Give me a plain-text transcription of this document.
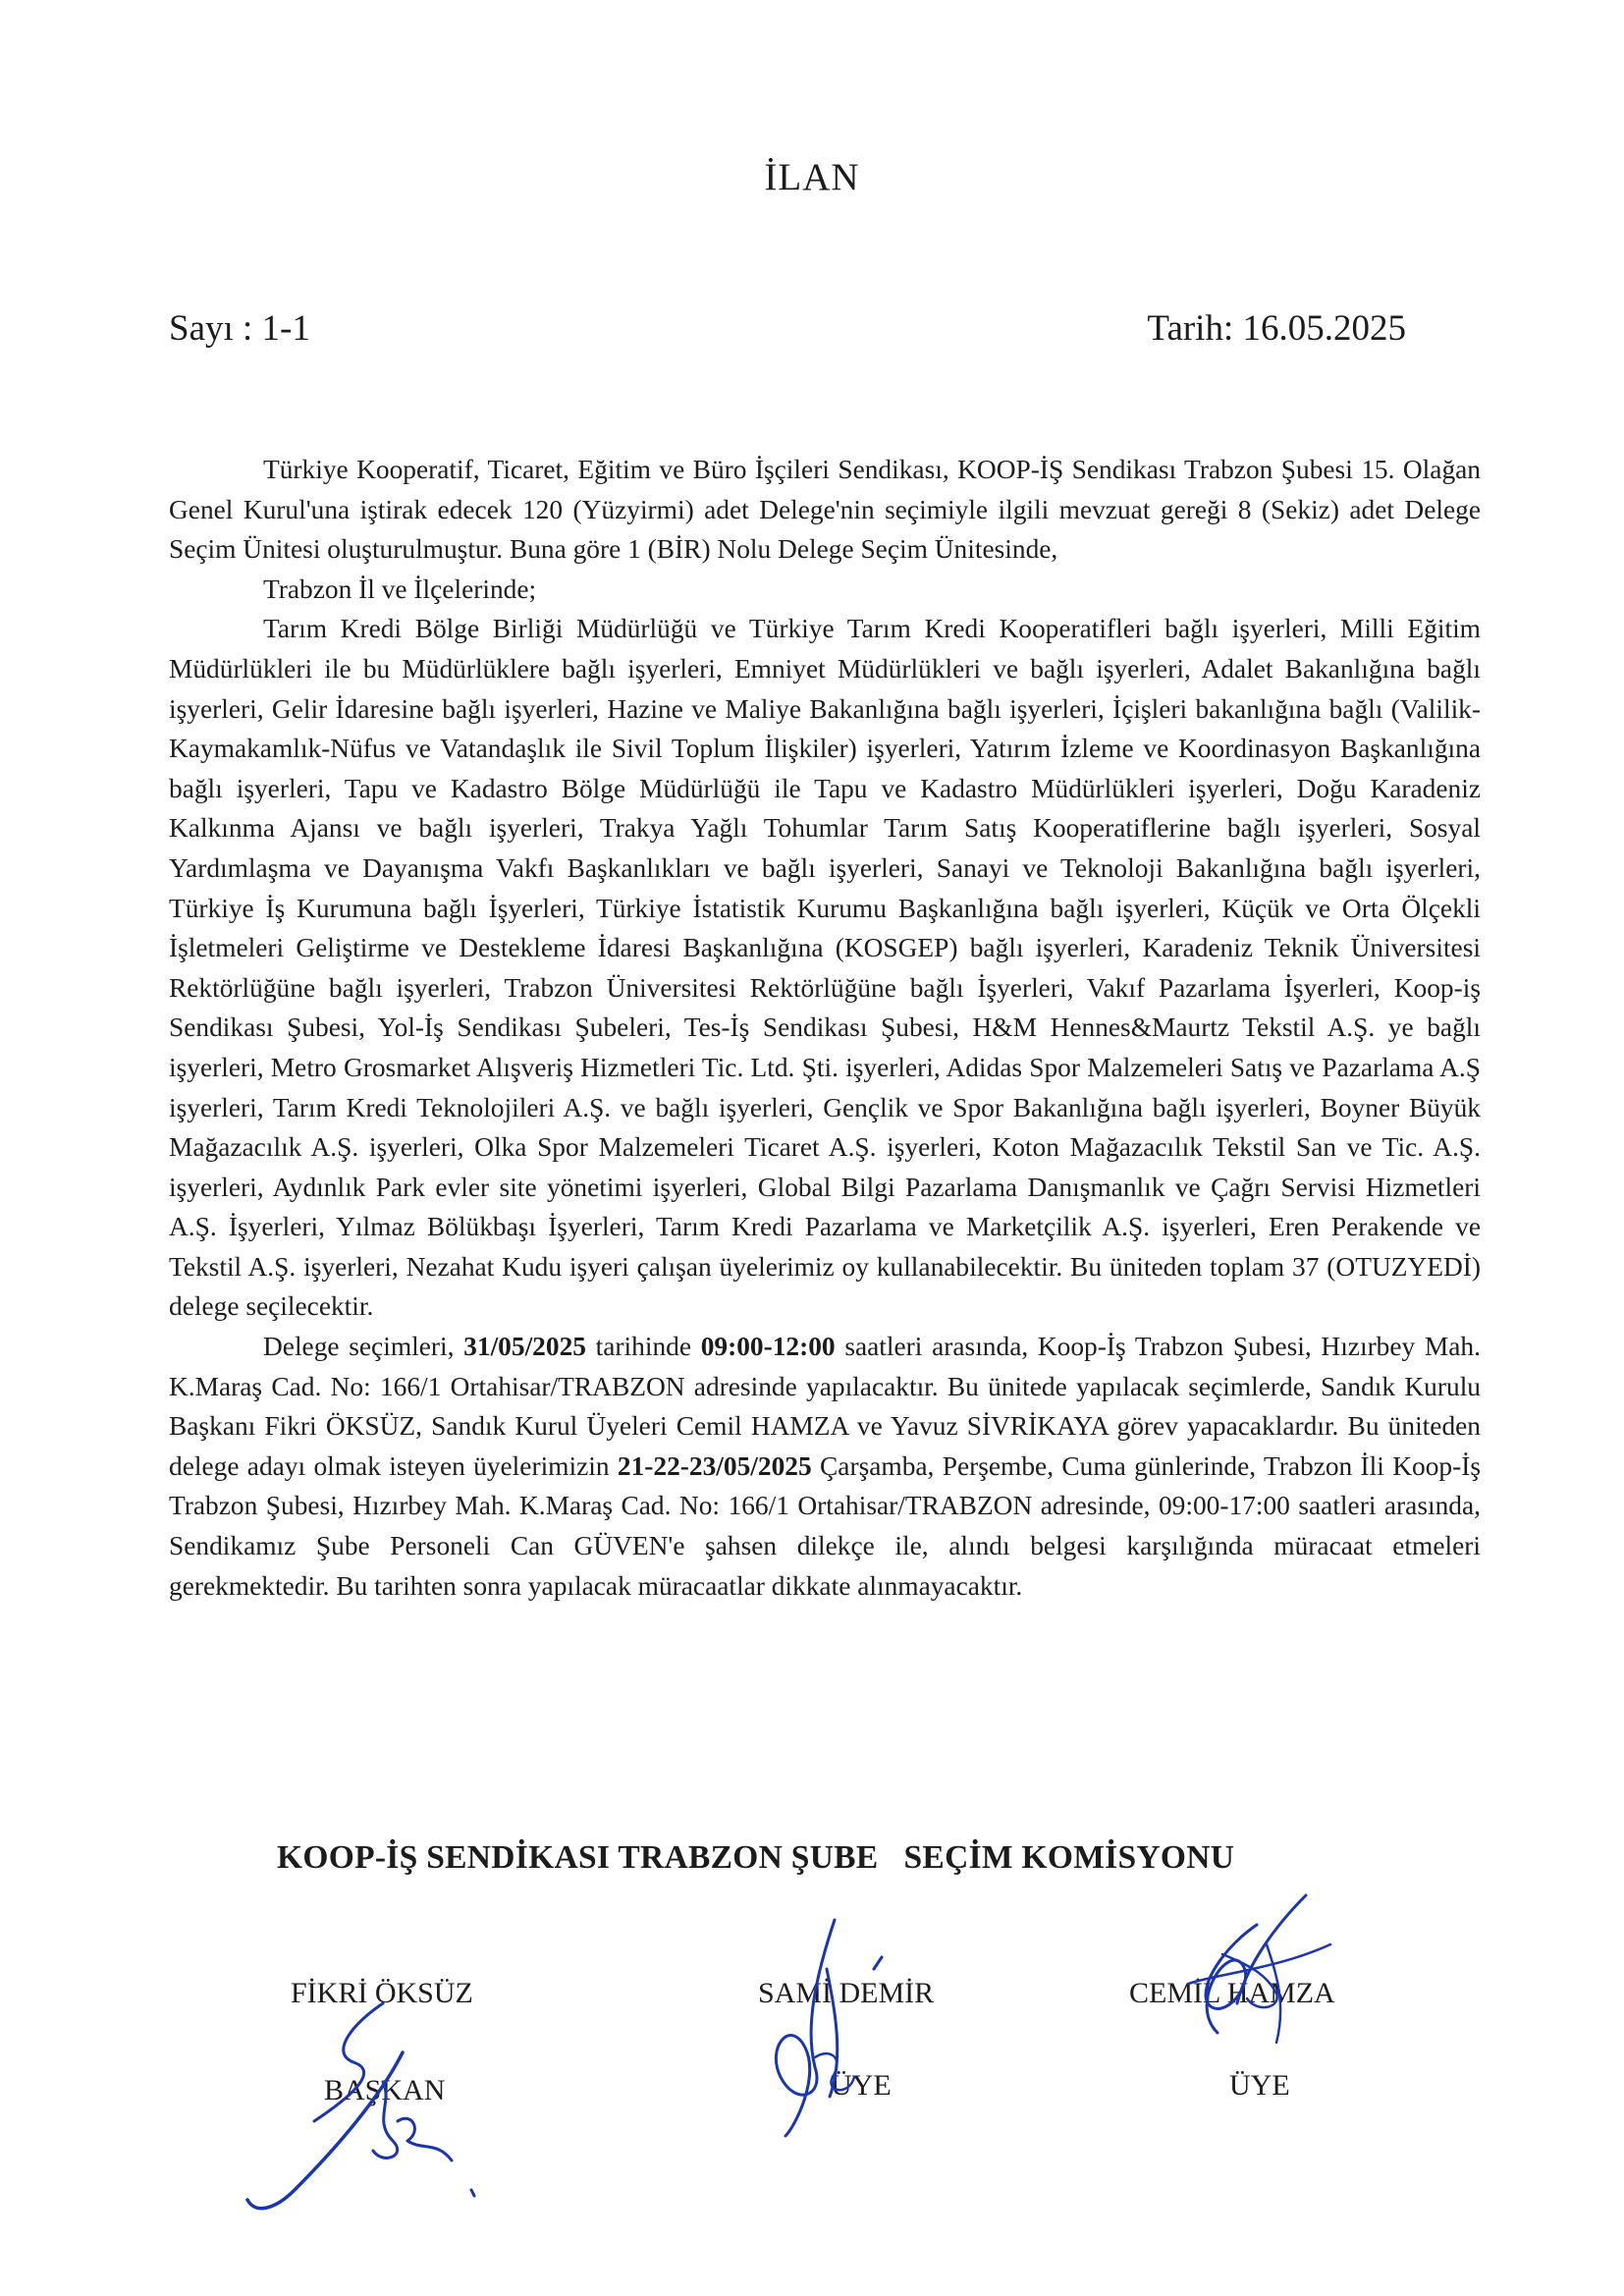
İLAN
Sayı : 1-1	Tarih: 16.05.2025

Türkiye Kooperatif, Ticaret, Eğitim ve Büro İşçileri Sendikası, KOOP-İŞ Sendikası Trabzon Şubesi 15. Olağan Genel Kurul'una iştirak edecek 120 (Yüzyirmi) adet Delege'nin seçimiyle ilgili mevzuat gereği 8 (Sekiz) adet Delege Seçim Ünitesi oluşturulmuştur. Buna göre 1 (BİR) Nolu Delege Seçim Ünitesinde,

Trabzon İl ve İlçelerinde;

Tarım Kredi Bölge Birliği Müdürlüğü ve Türkiye Tarım Kredi Kooperatifleri bağlı işyerleri, Milli Eğitim Müdürlükleri ile bu Müdürlüklere bağlı işyerleri, Emniyet Müdürlükleri ve bağlı işyerleri, Adalet Bakanlığına bağlı işyerleri, Gelir İdaresine bağlı işyerleri, Hazine ve Maliye Bakanlığına bağlı işyerleri, İçişleri bakanlığına bağlı (Valilik-Kaymakamlık-Nüfus ve Vatandaşlık ile Sivil Toplum İlişkiler) işyerleri, Yatırım İzleme ve Koordinasyon Başkanlığına bağlı işyerleri, Tapu ve Kadastro Bölge Müdürlüğü ile Tapu ve Kadastro Müdürlükleri işyerleri, Doğu Karadeniz Kalkınma Ajansı ve bağlı işyerleri, Trakya Yağlı Tohumlar Tarım Satış Kooperatiflerine bağlı işyerleri, Sosyal Yardımlaşma ve Dayanışma Vakfı Başkanlıkları ve bağlı işyerleri, Sanayi ve Teknoloji Bakanlığına bağlı işyerleri, Türkiye İş Kurumuna bağlı İşyerleri, Türkiye İstatistik Kurumu Başkanlığına bağlı işyerleri, Küçük ve Orta Ölçekli İşletmeleri Geliştirme ve Destekleme İdaresi Başkanlığına (KOSGEP) bağlı işyerleri, Karadeniz Teknik Üniversitesi Rektörlüğüne bağlı işyerleri, Trabzon Üniversitesi Rektörlüğüne bağlı İşyerleri, Vakıf Pazarlama İşyerleri, Koop-iş Sendikası Şubesi, Yol-İş Sendikası Şubeleri, Tes-İş Sendikası Şubesi, H&M Hennes&Maurtz Tekstil A.Ş. ye bağlı işyerleri, Metro Grosmarket Alışveriş Hizmetleri Tic. Ltd. Şti. işyerleri, Adidas Spor Malzemeleri Satış ve Pazarlama A.Ş işyerleri, Tarım Kredi Teknolojileri A.Ş. ve bağlı işyerleri, Gençlik ve Spor Bakanlığına bağlı işyerleri, Boyner Büyük Mağazacılık A.Ş. işyerleri, Olka Spor Malzemeleri Ticaret A.Ş. işyerleri, Koton Mağazacılık Tekstil San ve Tic. A.Ş. işyerleri, Aydınlık Park evler site yönetimi işyerleri, Global Bilgi Pazarlama Danışmanlık ve Çağrı Servisi Hizmetleri A.Ş. İşyerleri, Yılmaz Bölükbaşı İşyerleri, Tarım Kredi Pazarlama ve Marketçilik A.Ş. işyerleri, Eren Perakende ve Tekstil A.Ş. işyerleri, Nezahat Kudu işyeri çalışan üyelerimiz oy kullanabilecektir. Bu üniteden toplam 37 (OTUZYEDİ) delege seçilecektir.

Delege seçimleri, 31/05/2025 tarihinde 09:00-12:00 saatleri arasında, Koop-İş Trabzon Şubesi, Hızırbey Mah. K.Maraş Cad. No: 166/1 Ortahisar/TRABZON adresinde yapılacaktır. Bu ünitede yapılacak seçimlerde, Sandık Kurulu Başkanı Fikri ÖKSÜZ, Sandık Kurul Üyeleri Cemil HAMZA ve Yavuz SİVRİKAYA görev yapacaklardır. Bu üniteden delege adayı olmak isteyen üyelerimizin 21-22-23/05/2025 Çarşamba, Perşembe, Cuma günlerinde, Trabzon İli Koop-İş Trabzon Şubesi, Hızırbey Mah. K.Maraş Cad. No: 166/1 Ortahisar/TRABZON adresinde, 09:00-17:00 saatleri arasında, Sendikamız Şube Personeli Can GÜVEN'e şahsen dilekçe ile, alındı belgesi karşılığında müracaat etmeleri gerekmektedir. Bu tarihten sonra yapılacak müracaatlar dikkate alınmayacaktır.

KOOP-İŞ SENDİKASI TRABZON ŞUBE   SEÇİM KOMİSYONU
FİKRİ ÖKSÜZ
BAŞKAN
SAMİ DEMİR
ÜYE
CEMİL HAMZA
ÜYE
